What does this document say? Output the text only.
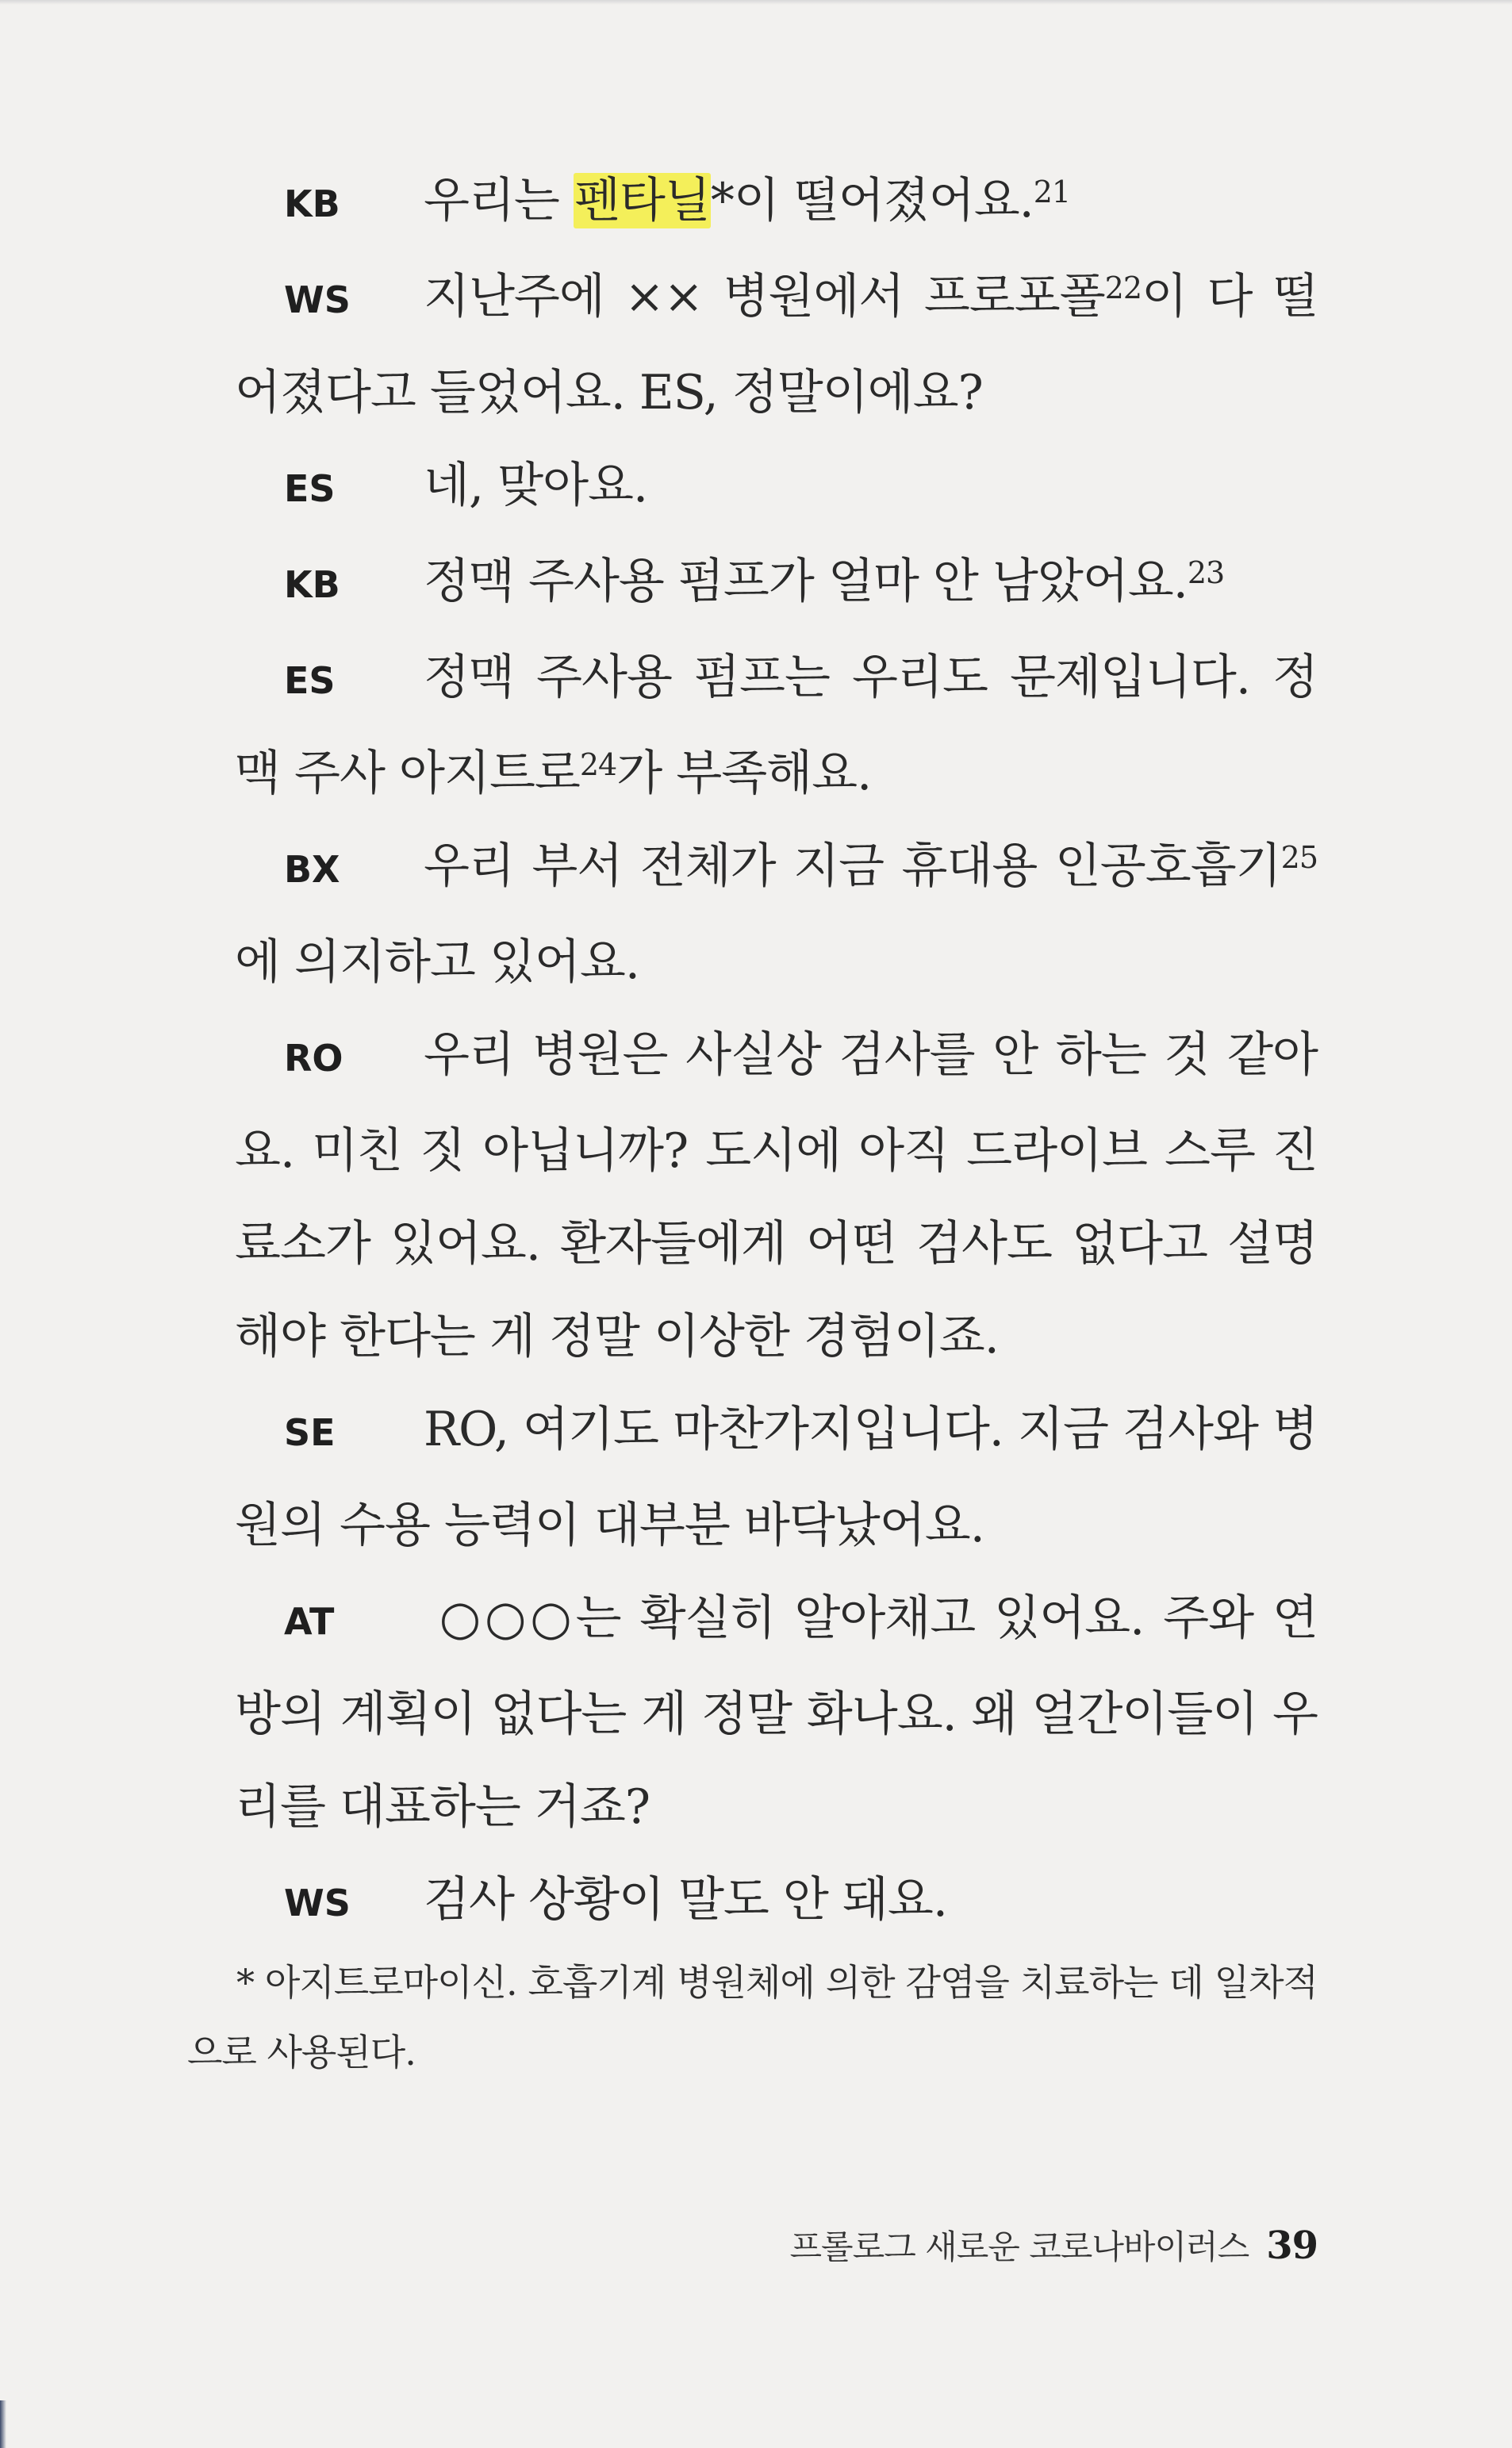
KB 우리는 펜타닐*이 떨어졌어요.$^{21}$
WS 지난주에 ×× 병원에서 프로포폴$^{22}$이 다 떨어졌다고 들었어요. ES, 정말이에요?
ES 네, 맞아요.
KB 정맥 주사용 펌프가 얼마 안 남았어요.$^{23}$
ES 정맥 주사용 펌프는 우리도 문제입니다. 정맥 주사 아지트로$^{24}$가 부족해요.
BX 우리 부서 전체가 지금 휴대용 인공호흡기$^{25}$에 의지하고 있어요.
RO 우리 병원은 사실상 검사를 안 하는 것 같아요. 미친 짓 아닙니까? 도시에 아직 드라이브 스루 진료소가 있어요. 환자들에게 어떤 검사도 없다고 설명해야 한다는 게 정말 이상한 경험이죠.
SE RO, 여기도 마찬가지입니다. 지금 검사와 병원의 수용 능력이 대부분 바닥났어요.
AT ○○○는 확실히 알아채고 있어요. 주와 연방의 계획이 없다는 게 정말 화나요. 왜 얼간이들이 우리를 대표하는 거죠?
WS 검사 상황이 말도 안 돼요.
* 아지트로마이신. 호흡기계 병원체에 의한 감염을 치료하는 데 일차적으로 사용된다.
프롤로그 새로운 코로나바이러스 39
